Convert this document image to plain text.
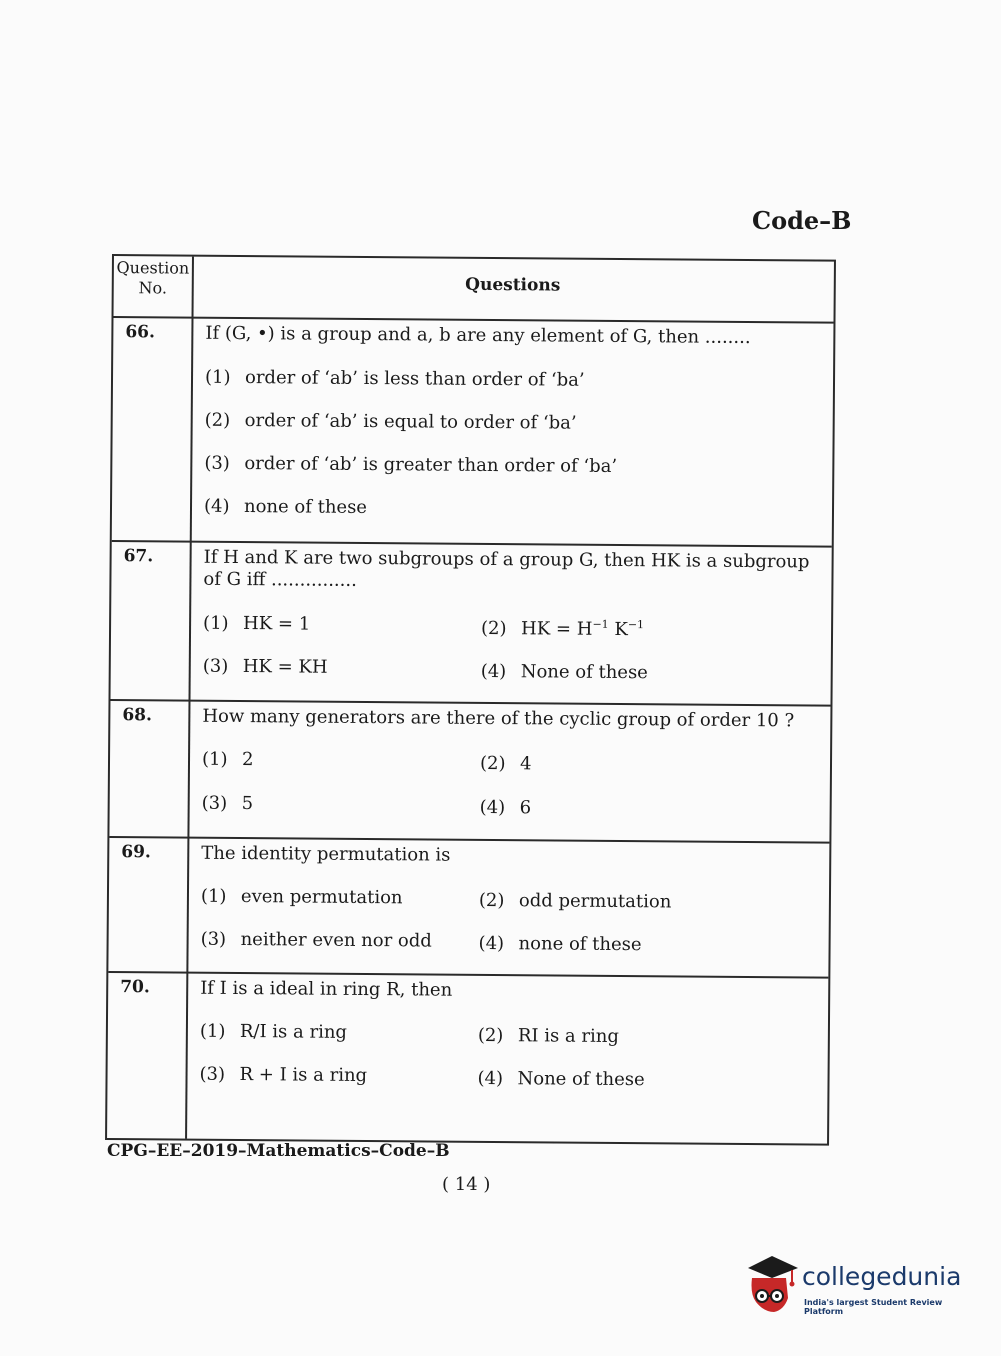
Code–B
Question
No.	Questions
66.	If (G, •) is a group and a, b are any element of G, then ........
(1) order of ‘ab’ is less than order of ‘ba’
(2) order of ‘ab’ is equal to order of ‘ba’
(3) order of ‘ab’ is greater than order of ‘ba’
(4) none of these
67.	If H and K are two subgroups of a group G, then HK is a subgroup of G iff ...............
(1) HK = 1	(2) HK = $H^{-1}$ $K^{-1}$
(3) HK = KH	(4) None of these
68.	How many generators are there of the cyclic group of order 10 ?
(1) 2	(2) 4
(3) 5	(4) 6
69.	The identity permutation is
(1) even permutation	(2) odd permutation
(3) neither even nor odd	(4) none of these
70.	If I is a ideal in ring R, then
(1) R/I is a ring	(2) RI is a ring
(3) R + I is a ring	(4) None of these
CPG–EE–2019–Mathematics–Code–B
( 14 )
collegedunia
India's largest Student Review Platform
